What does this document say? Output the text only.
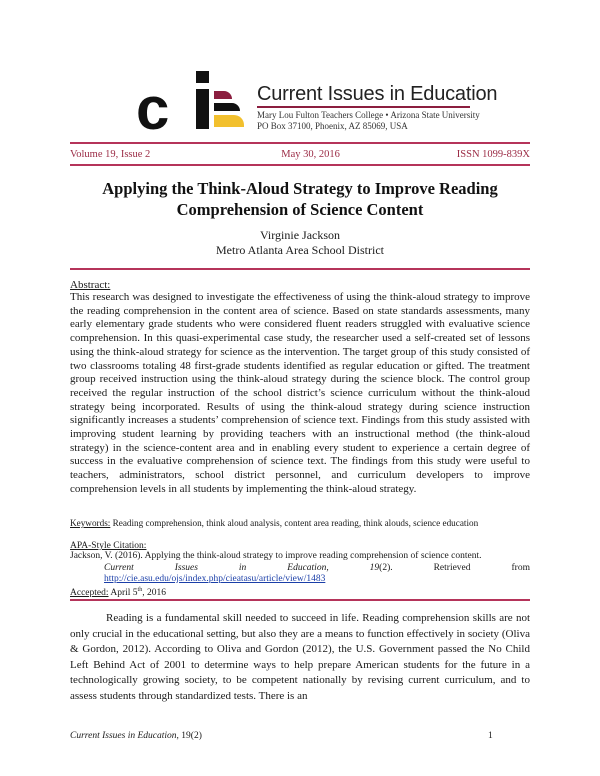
c	Current Issues in Education
Mary Lou Fulton Teachers College • Arizona State University
PO Box 37100, Phoenix, AZ 85069, USA
Volume 19, Issue 2	May 30, 2016	ISSN 1099-839X
Applying the Think-Aloud Strategy to Improve Reading
Comprehension of Science Content
Virginie Jackson
Metro Atlanta Area School District
Abstract:
This research was designed to investigate the effectiveness of using the think-aloud strategy to improve the reading comprehension in the content area of science. Based on state standards assessments, many early elementary grade students who were considered fluent readers struggled with evaluative science comprehension. In this quasi-experimental case study, the researcher used a self-created set of lessons using the think-aloud strategy for science as the intervention. The target group of this study consisted of two classrooms totaling 48 first-grade students identified as regular education or gifted. The treatment group received instruction using the think-aloud strategy during the science block. The control group received the regular instruction of the school district’s science curriculum without the think-aloud strategy being incorporated. Results of using the think-aloud strategy during science instruction significantly increases a students’ comprehension of science text. Findings from this study assisted with improving student learning by providing teachers with an instructional method (the think-aloud strategy) in the science-content area and in enabling every student to experience a certain degree of success in the evaluative comprehension of science text. The findings from this study were useful to teachers, administrators, school district personnel, and curriculum developers to improve comprehension levels in all students by implementing the think-aloud strategy.
Keywords: Reading comprehension, think aloud analysis, content area reading, think alouds, science education
APA-Style Citation:
Jackson, V. (2016). Applying the think-aloud strategy to improve reading comprehension of science content.
Current	Issues	in	Education,	19(2).	Retrieved	from
http://cie.asu.edu/ojs/index.php/cieatasu/article/view/1483
Accepted: April 5th, 2016
Reading is a fundamental skill needed to succeed in life. Reading comprehension skills are not only crucial in the educational setting, but also they are a means to function effectively in society (Oliva & Gordon, 2012). According to Oliva and Gordon (2012), the U.S. Government passed the No Child Left Behind Act of 2001 to determine ways to help prepare American students for the future in a technologically growing society, to be competent nationally by revising current curriculum, and to assess students through standardized tests. There is an
Current Issues in Education, 19(2)	1
